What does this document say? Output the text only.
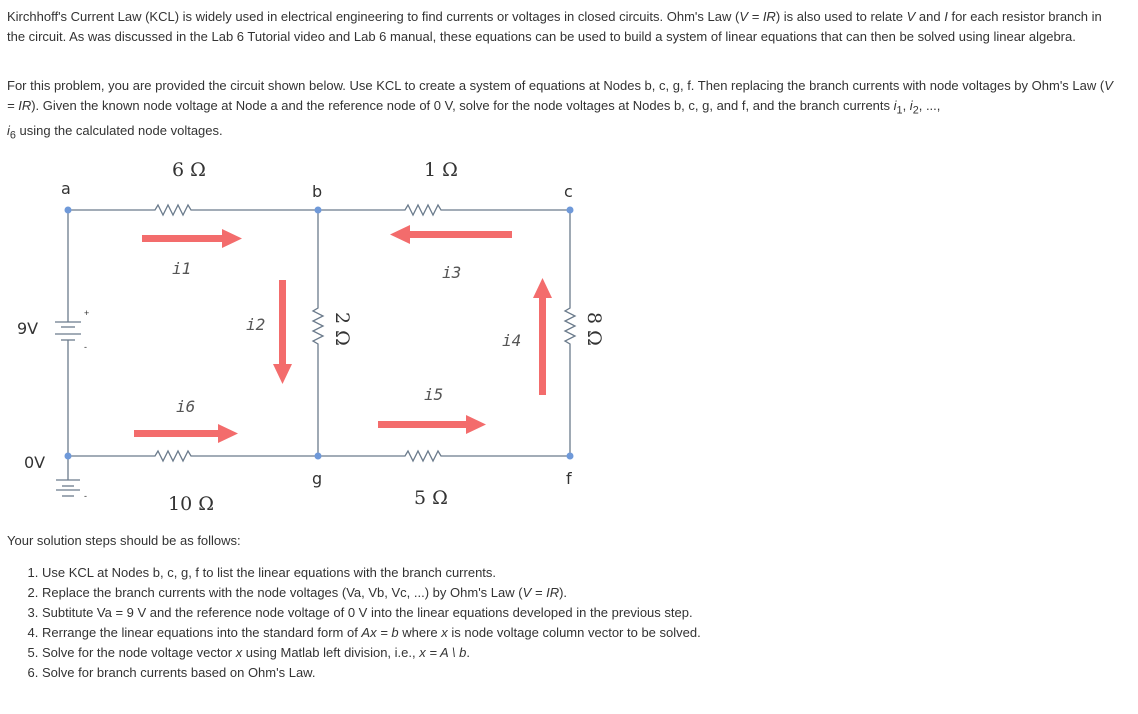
Kirchhoff's Current Law (KCL) is widely used in electrical engineering to find currents or voltages in closed circuits. Ohm's Law (V = IR) is also used to relate V and I for each resistor branch in the circuit. As was discussed in the Lab 6 Tutorial video and Lab 6 manual, these equations can be used to build a system of linear equations that can then be solved using linear algebra.

For this problem, you are provided the circuit shown below. Use KCL to create a system of equations at Nodes b, c, g, f. Then replacing the branch currents with node voltages by Ohm's Law (V = IR). Given the known node voltage at Node a and the reference node of 0 V, solve for the node voltages at Nodes b, c, g, and f, and the branch currents $i_1$, $i_2$, ...,
$i_6$ using the calculated node voltages.

+
-
-
a	b	c
g	f
9V
0V
6 Ω	1 Ω
10 Ω	5 Ω
2 Ω	8 Ω
i1
i2
i3
i4
i5
i6

Your solution steps should be as follows:

1. Use KCL at Nodes b, c, g, f to list the linear equations with the branch currents.
2. Replace the branch currents with the node voltages (Va, Vb, Vc, ...) by Ohm's Law (V = IR).
3. Subtitute Va = 9 V and the reference node voltage of 0 V into the linear equations developed in the previous step.
4. Rerrange the linear equations into the standard form of Ax = b where x is node voltage column vector to be solved.
5. Solve for the node voltage vector x using Matlab left division, i.e., x = A \ b.
6. Solve for branch currents based on Ohm's Law.
